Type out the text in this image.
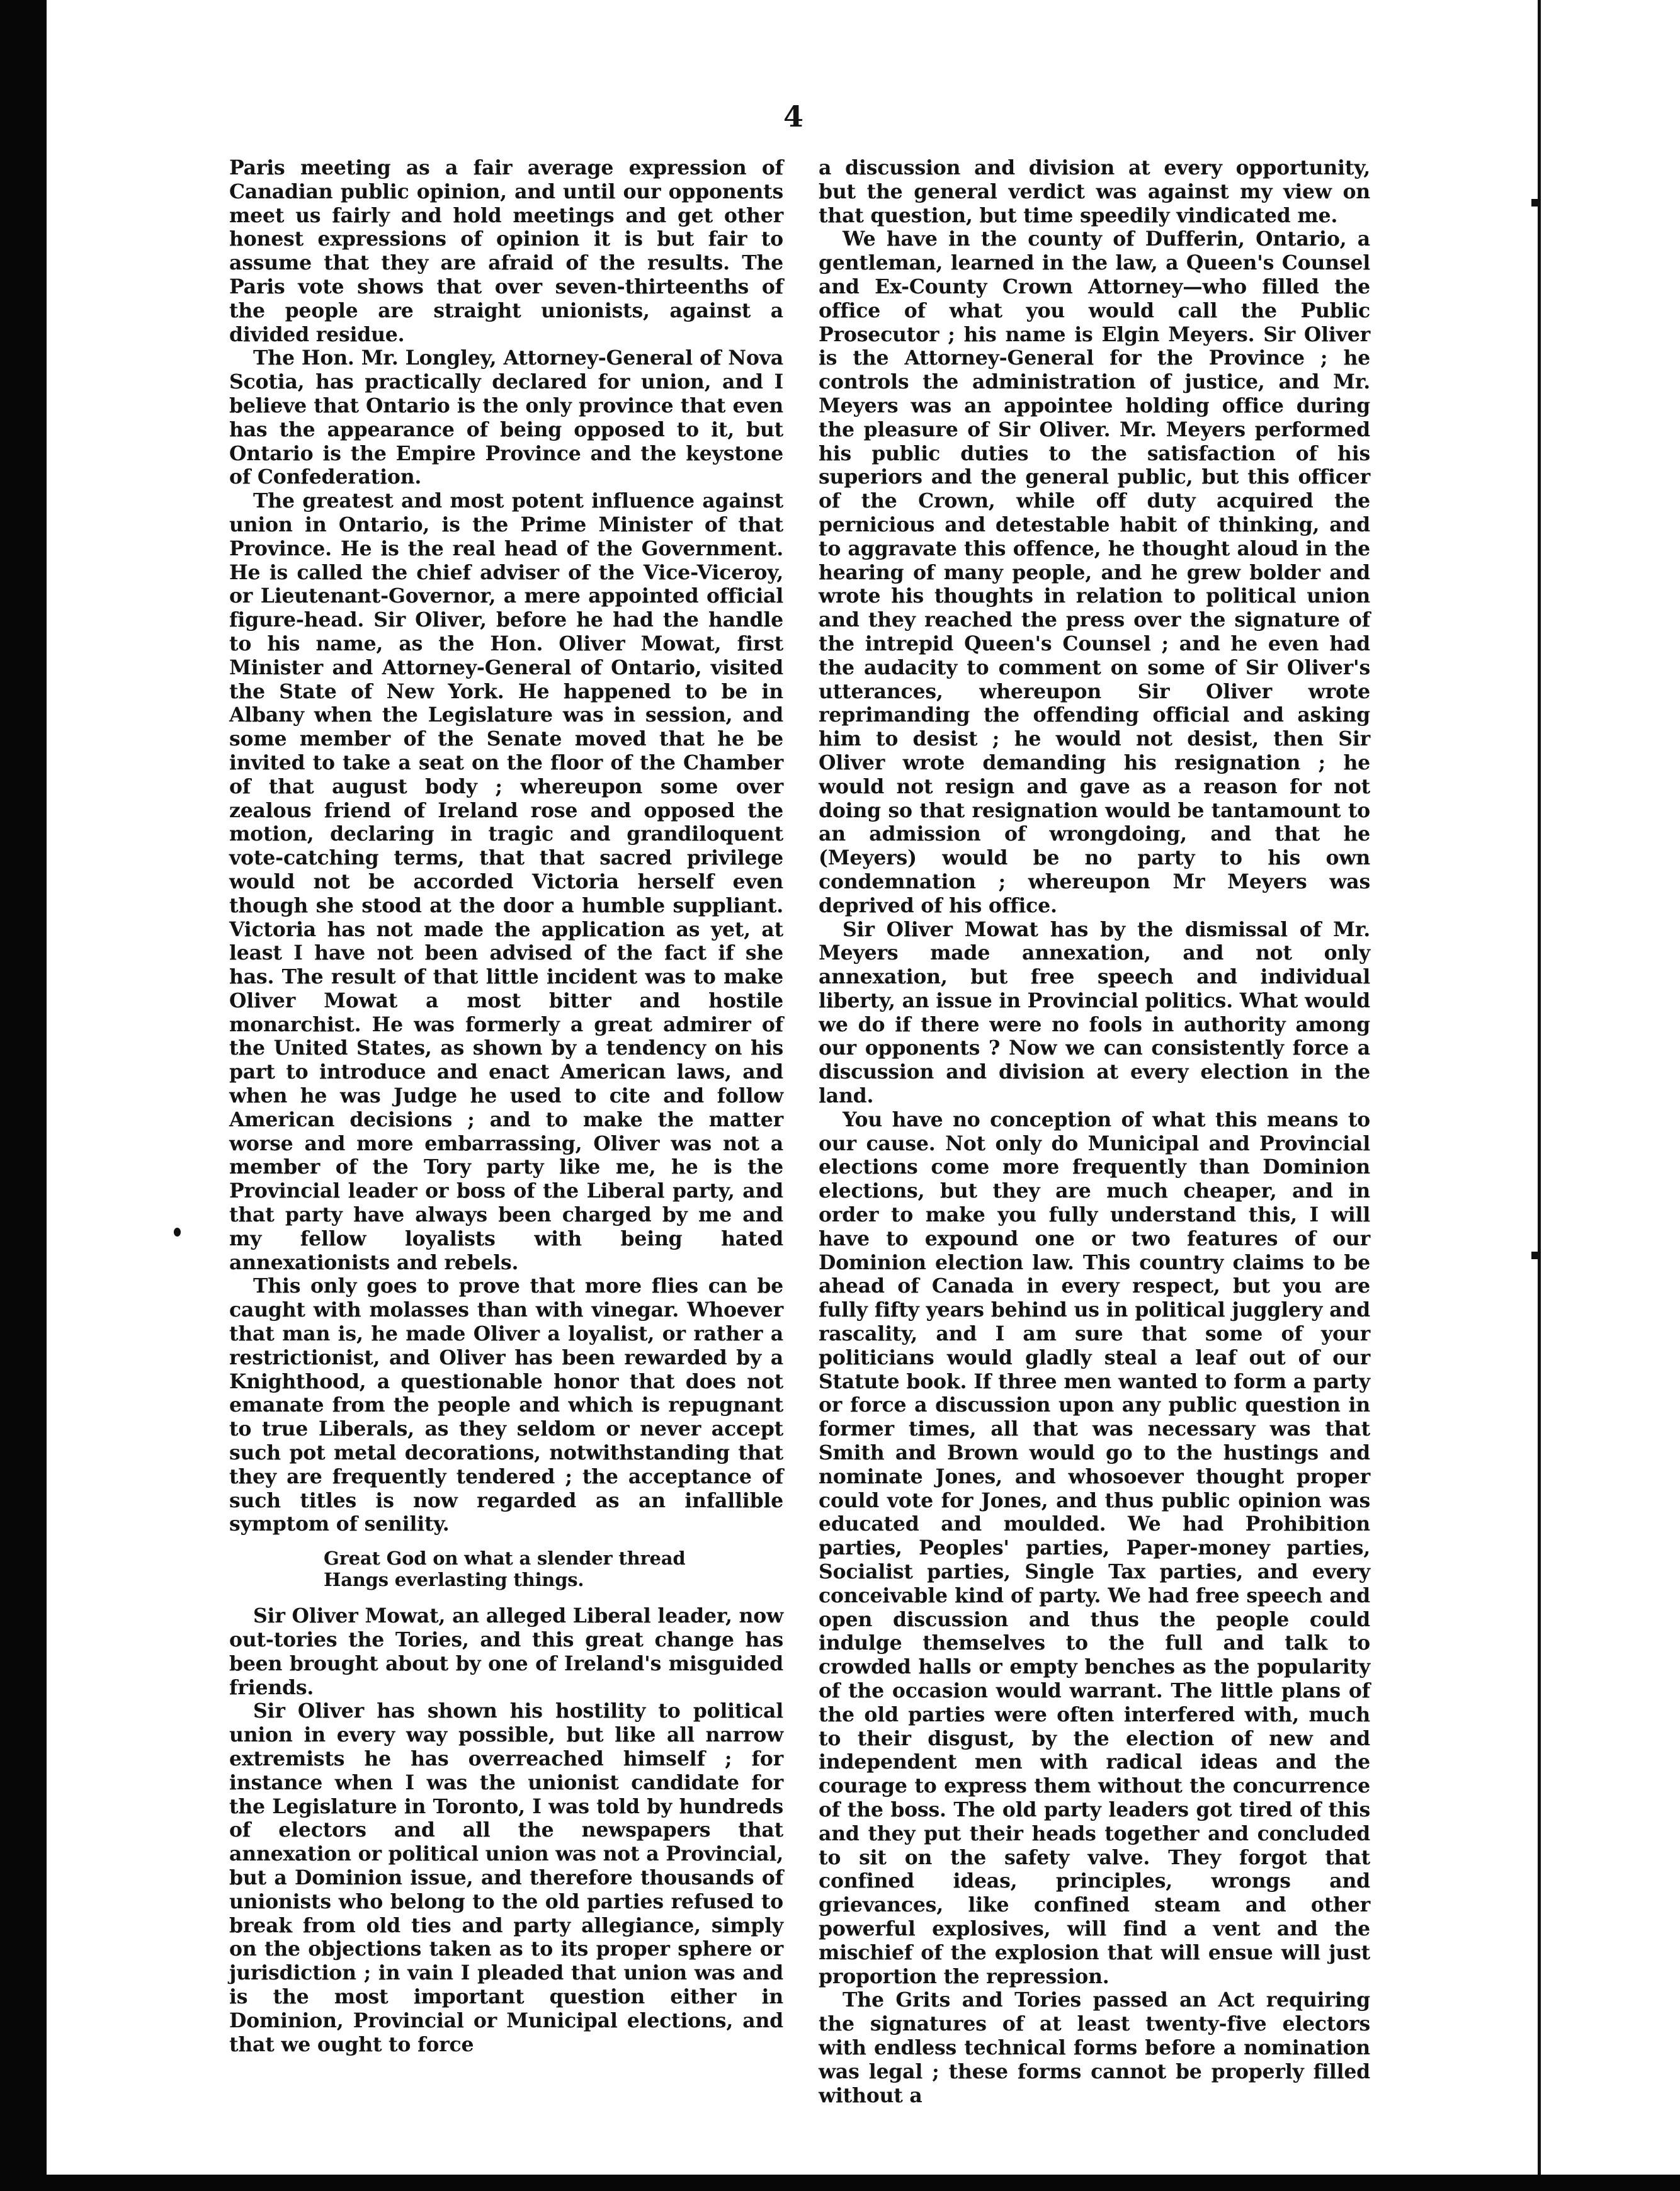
4

Paris meeting as a fair average expression of Canadian public opinion, and until our opponents meet us fairly and hold meetings and get other honest expressions of opinion it is but fair to assume that they are afraid of the results. The Paris vote shows that over seven-thirteenths of the people are straight unionists, against a divided residue.

The Hon. Mr. Longley, Attorney-General of Nova Scotia, has practically declared for union, and I believe that Ontario is the only province that even has the appearance of being opposed to it, but Ontario is the Empire Province and the keystone of Confederation.

The greatest and most potent influence against union in Ontario, is the Prime Minister of that Province. He is the real head of the Government. He is called the chief adviser of the Vice-Viceroy, or Lieutenant-Governor, a mere appointed official figure-head. Sir Oliver, before he had the handle to his name, as the Hon. Oliver Mowat, first Minister and Attorney-General of Ontario, visited the State of New York. He happened to be in Albany when the Legislature was in session, and some member of the Senate moved that he be invited to take a seat on the floor of the Chamber of that august body ; whereupon some over zealous friend of Ireland rose and opposed the motion, declaring in tragic and grandiloquent vote-catching terms, that that sacred privilege would not be accorded Victoria herself even though she stood at the door a humble suppliant. Victoria has not made the application as yet, at least I have not been advised of the fact if she has. The result of that little incident was to make Oliver Mowat a most bitter and hostile monarchist. He was formerly a great admirer of the United States, as shown by a tendency on his part to introduce and enact American laws, and when he was Judge he used to cite and follow American decisions ; and to make the matter worse and more embarrassing, Oliver was not a member of the Tory party like me, he is the Provincial leader or boss of the Liberal party, and that party have always been charged by me and my fellow loyalists with being hated annexationists and rebels.

This only goes to prove that more flies can be caught with molasses than with vinegar. Whoever that man is, he made Oliver a loyalist, or rather a restrictionist, and Oliver has been rewarded by a Knighthood, a questionable honor that does not emanate from the people and which is repugnant to true Liberals, as they seldom or never accept such pot metal decorations, notwithstanding that they are frequently tendered ; the acceptance of such titles is now regarded as an infallible symptom of senility.

Great God on what a slender thread
Hangs everlasting things.

Sir Oliver Mowat, an alleged Liberal leader, now out-tories the Tories, and this great change has been brought about by one of Ireland's misguided friends.

Sir Oliver has shown his hostility to political union in every way possible, but like all narrow extremists he has overreached himself ; for instance when I was the unionist candidate for the Legislature in Toronto, I was told by hundreds of electors and all the newspapers that annexation or political union was not a Provincial, but a Dominion issue, and therefore thousands of unionists who belong to the old parties refused to break from old ties and party allegiance, simply on the objections taken as to its proper sphere or jurisdiction ; in vain I pleaded that union was and is the most important question either in Dominion, Provincial or Municipal elections, and that we ought to force

a discussion and division at every opportunity, but the general verdict was against my view on that question, but time speedily vindicated me.

We have in the county of Dufferin, Ontario, a gentleman, learned in the law, a Queen's Counsel and Ex-County Crown Attorney—who filled the office of what you would call the Public Prosecutor ; his name is Elgin Meyers. Sir Oliver is the Attorney-General for the Province ; he controls the administration of justice, and Mr. Meyers was an appointee holding office during the pleasure of Sir Oliver. Mr. Meyers performed his public duties to the satisfaction of his superiors and the general public, but this officer of the Crown, while off duty acquired the pernicious and detestable habit of thinking, and to aggravate this offence, he thought aloud in the hearing of many people, and he grew bolder and wrote his thoughts in relation to political union and they reached the press over the signature of the intrepid Queen's Counsel ; and he even had the audacity to comment on some of Sir Oliver's utterances, whereupon Sir Oliver wrote reprimanding the offending official and asking him to desist ; he would not desist, then Sir Oliver wrote demanding his resignation ; he would not resign and gave as a reason for not doing so that resignation would be tantamount to an admission of wrongdoing, and that he (Meyers) would be no party to his own condemnation ; whereupon Mr Meyers was deprived of his office.

Sir Oliver Mowat has by the dismissal of Mr. Meyers made annexation, and not only annexation, but free speech and individual liberty, an issue in Provincial politics. What would we do if there were no fools in authority among our opponents ? Now we can consistently force a discussion and division at every election in the land.

You have no conception of what this means to our cause. Not only do Municipal and Provincial elections come more frequently than Dominion elections, but they are much cheaper, and in order to make you fully understand this, I will have to expound one or two features of our Dominion election law. This country claims to be ahead of Canada in every respect, but you are fully fifty years behind us in political jugglery and rascality, and I am sure that some of your politicians would gladly steal a leaf out of our Statute book. If three men wanted to form a party or force a discussion upon any public question in former times, all that was necessary was that Smith and Brown would go to the hustings and nominate Jones, and whosoever thought proper could vote for Jones, and thus public opinion was educated and moulded. We had Prohibition parties, Peoples' parties, Paper-money parties, Socialist parties, Single Tax parties, and every conceivable kind of party. We had free speech and open discussion and thus the people could indulge themselves to the full and talk to crowded halls or empty benches as the popularity of the occasion would warrant. The little plans of the old parties were often interfered with, much to their disgust, by the election of new and independent men with radical ideas and the courage to express them without the concurrence of the boss. The old party leaders got tired of this and they put their heads together and concluded to sit on the safety valve. They forgot that confined ideas, principles, wrongs and grievances, like confined steam and other powerful explosives, will find a vent and the mischief of the explosion that will ensue will just proportion the repression.

The Grits and Tories passed an Act requiring the signatures of at least twenty-five electors with endless technical forms before a nomination was legal ; these forms cannot be properly filled without a
